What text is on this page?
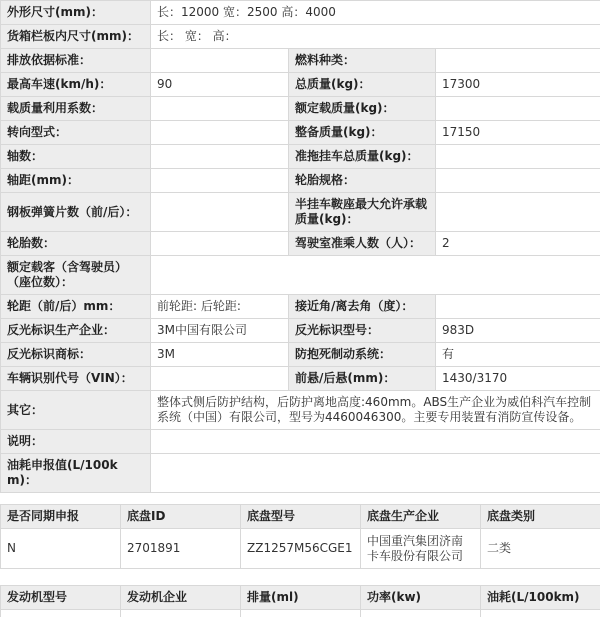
外形尺寸(mm)：	长：12000 宽：2500 高：4000		
货箱栏板内尺寸(mm)：	长： 宽： 高：		
排放依据标准：		燃料种类：	
最高车速(km/h)：	90	总质量(kg)：	17300
载质量利用系数：		额定载质量(kg)：	
转向型式：		整备质量(kg)：	17150
轴数：		准拖挂车总质量(kg)：	
轴距(mm)：		轮胎规格：	
钢板弹簧片数（前/后）：		半挂车鞍座最大允许承载质量(kg)：	
轮胎数：		驾驶室准乘人数（人）：	2
额定载客（含驾驶员）（座位数）：			
轮距（前/后）mm：	前轮距: 后轮距:	接近角/离去角（度）：	
反光标识生产企业：	3M中国有限公司	反光标识型号：	983D
反光标识商标：	3M	防抱死制动系统：	有
车辆识别代号（VIN）：		前悬/后悬(mm)：	1430/3170
其它：	整体式侧后防护结构，后防护离地高度:460mm。ABS生产企业为威伯科汽车控制系统（中国）有限公司，型号为4460046300。主要专用装置有消防宣传设备。		
说明：			
油耗申报值(L/100km)：			
是否同期申报	底盘ID	底盘型号	底盘生产企业	底盘类别
N	2701891	ZZ1257M56CGE1	中国重汽集团济南卡车股份有限公司	二类
发动机型号	发动机企业	排量(ml)	功率(kw)	油耗(L/100km)
